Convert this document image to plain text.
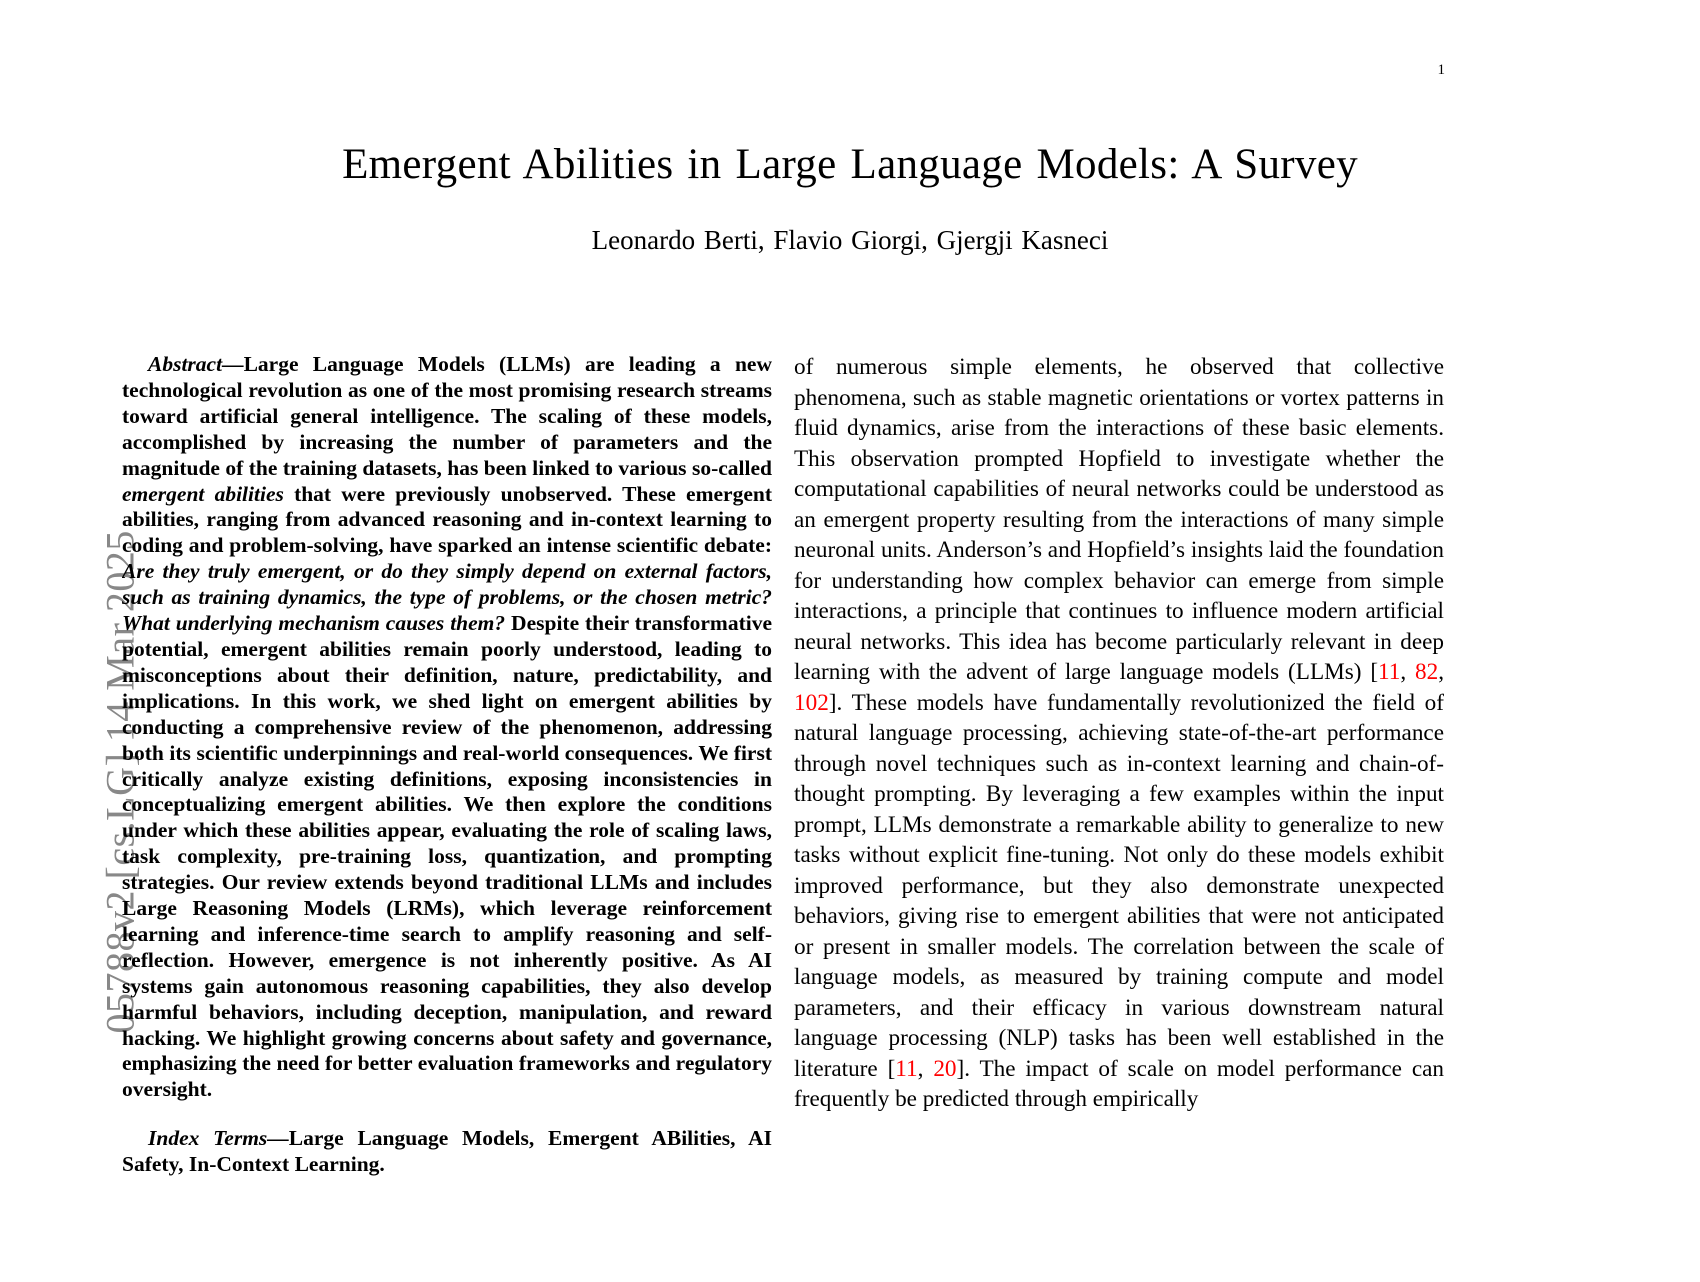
05788v2 [cs.LG] 14 Mar 2025
1
Emergent Abilities in Large Language Models: A Survey
Leonardo Berti, Flavio Giorgi, Gjergji Kasneci

Abstract—Large Language Models (LLMs) are leading a new technological revolution as one of the most promising research streams toward artificial general intelligence. The scaling of these models, accomplished by increasing the number of parameters and the magnitude of the training datasets, has been linked to various so-called emergent abilities that were previously unobserved. These emergent abilities, ranging from advanced reasoning and in-context learning to coding and problem-solving, have sparked an intense scientific debate: Are they truly emergent, or do they simply depend on external factors, such as training dynamics, the type of problems, or the chosen metric? What underlying mechanism causes them? Despite their transformative potential, emergent abilities remain poorly understood, leading to misconceptions about their definition, nature, predictability, and implications. In this work, we shed light on emergent abilities by conducting a comprehensive review of the phenomenon, addressing both its scientific underpinnings and real-world consequences. We first critically analyze existing definitions, exposing inconsistencies in conceptualizing emergent abilities. We then explore the conditions under which these abilities appear, evaluating the role of scaling laws, task complexity, pre-training loss, quantization, and prompting strategies. Our review extends beyond traditional LLMs and includes Large Reasoning Models (LRMs), which leverage reinforcement learning and inference-time search to amplify reasoning and self-reflection. However, emergence is not inherently positive. As AI systems gain autonomous reasoning capabilities, they also develop harmful behaviors, including deception, manipulation, and reward hacking. We highlight growing concerns about safety and governance, emphasizing the need for better evaluation frameworks and regulatory oversight.

Index Terms—Large Language Models, Emergent ABilities, AI Safety, In-Context Learning.

of numerous simple elements, he observed that collective phenomena, such as stable magnetic orientations or vortex patterns in fluid dynamics, arise from the interactions of these basic elements. This observation prompted Hopfield to investigate whether the computational capabilities of neural networks could be understood as an emergent property resulting from the interactions of many simple neuronal units. Anderson’s and Hopfield’s insights laid the foundation for understanding how complex behavior can emerge from simple interactions, a principle that continues to influence modern artificial neural networks. This idea has become particularly relevant in deep learning with the advent of large language models (LLMs) [11, 82, 102]. These models have fundamentally revolutionized the field of natural language processing, achieving state-of-the-art performance through novel techniques such as in-context learning and chain-of-thought prompting. By leveraging a few examples within the input prompt, LLMs demonstrate a remarkable ability to generalize to new tasks without explicit fine-tuning. Not only do these models exhibit improved performance, but they also demonstrate unexpected behaviors, giving rise to emergent abilities that were not anticipated or present in smaller models. The correlation between the scale of language models, as measured by training compute and model parameters, and their efficacy in various downstream natural language processing (NLP) tasks has been well established in the literature [11, 20]. The impact of scale on model performance can frequently be predicted through empirically
